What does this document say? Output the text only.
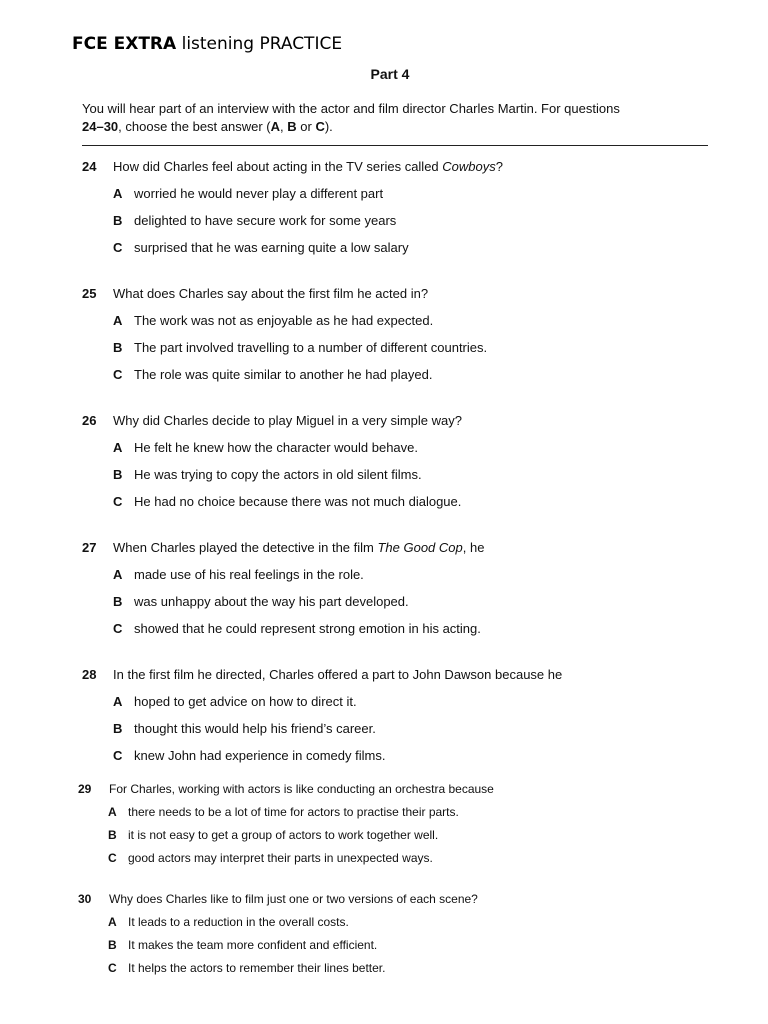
FCE EXTRA listening PRACTICE
Part 4
You will hear part of an interview with the actor and film director Charles Martin. For questions
24–30, choose the best answer (A, B or C).
24 How did Charles feel about acting in the TV series called Cowboys?
A worried he would never play a different part
B delighted to have secure work for some years
C surprised that he was earning quite a low salary
25 What does Charles say about the first film he acted in?
A The work was not as enjoyable as he had expected.
B The part involved travelling to a number of different countries.
C The role was quite similar to another he had played.
26 Why did Charles decide to play Miguel in a very simple way?
A He felt he knew how the character would behave.
B He was trying to copy the actors in old silent films.
C He had no choice because there was not much dialogue.
27 When Charles played the detective in the film The Good Cop, he
A made use of his real feelings in the role.
B was unhappy about the way his part developed.
C showed that he could represent strong emotion in his acting.
28 In the first film he directed, Charles offered a part to John Dawson because he
A hoped to get advice on how to direct it.
B thought this would help his friend’s career.
C knew John had experience in comedy films.
29 For Charles, working with actors is like conducting an orchestra because
A there needs to be a lot of time for actors to practise their parts.
B it is not easy to get a group of actors to work together well.
C good actors may interpret their parts in unexpected ways.
30 Why does Charles like to film just one or two versions of each scene?
A It leads to a reduction in the overall costs.
B It makes the team more confident and efficient.
C It helps the actors to remember their lines better.
